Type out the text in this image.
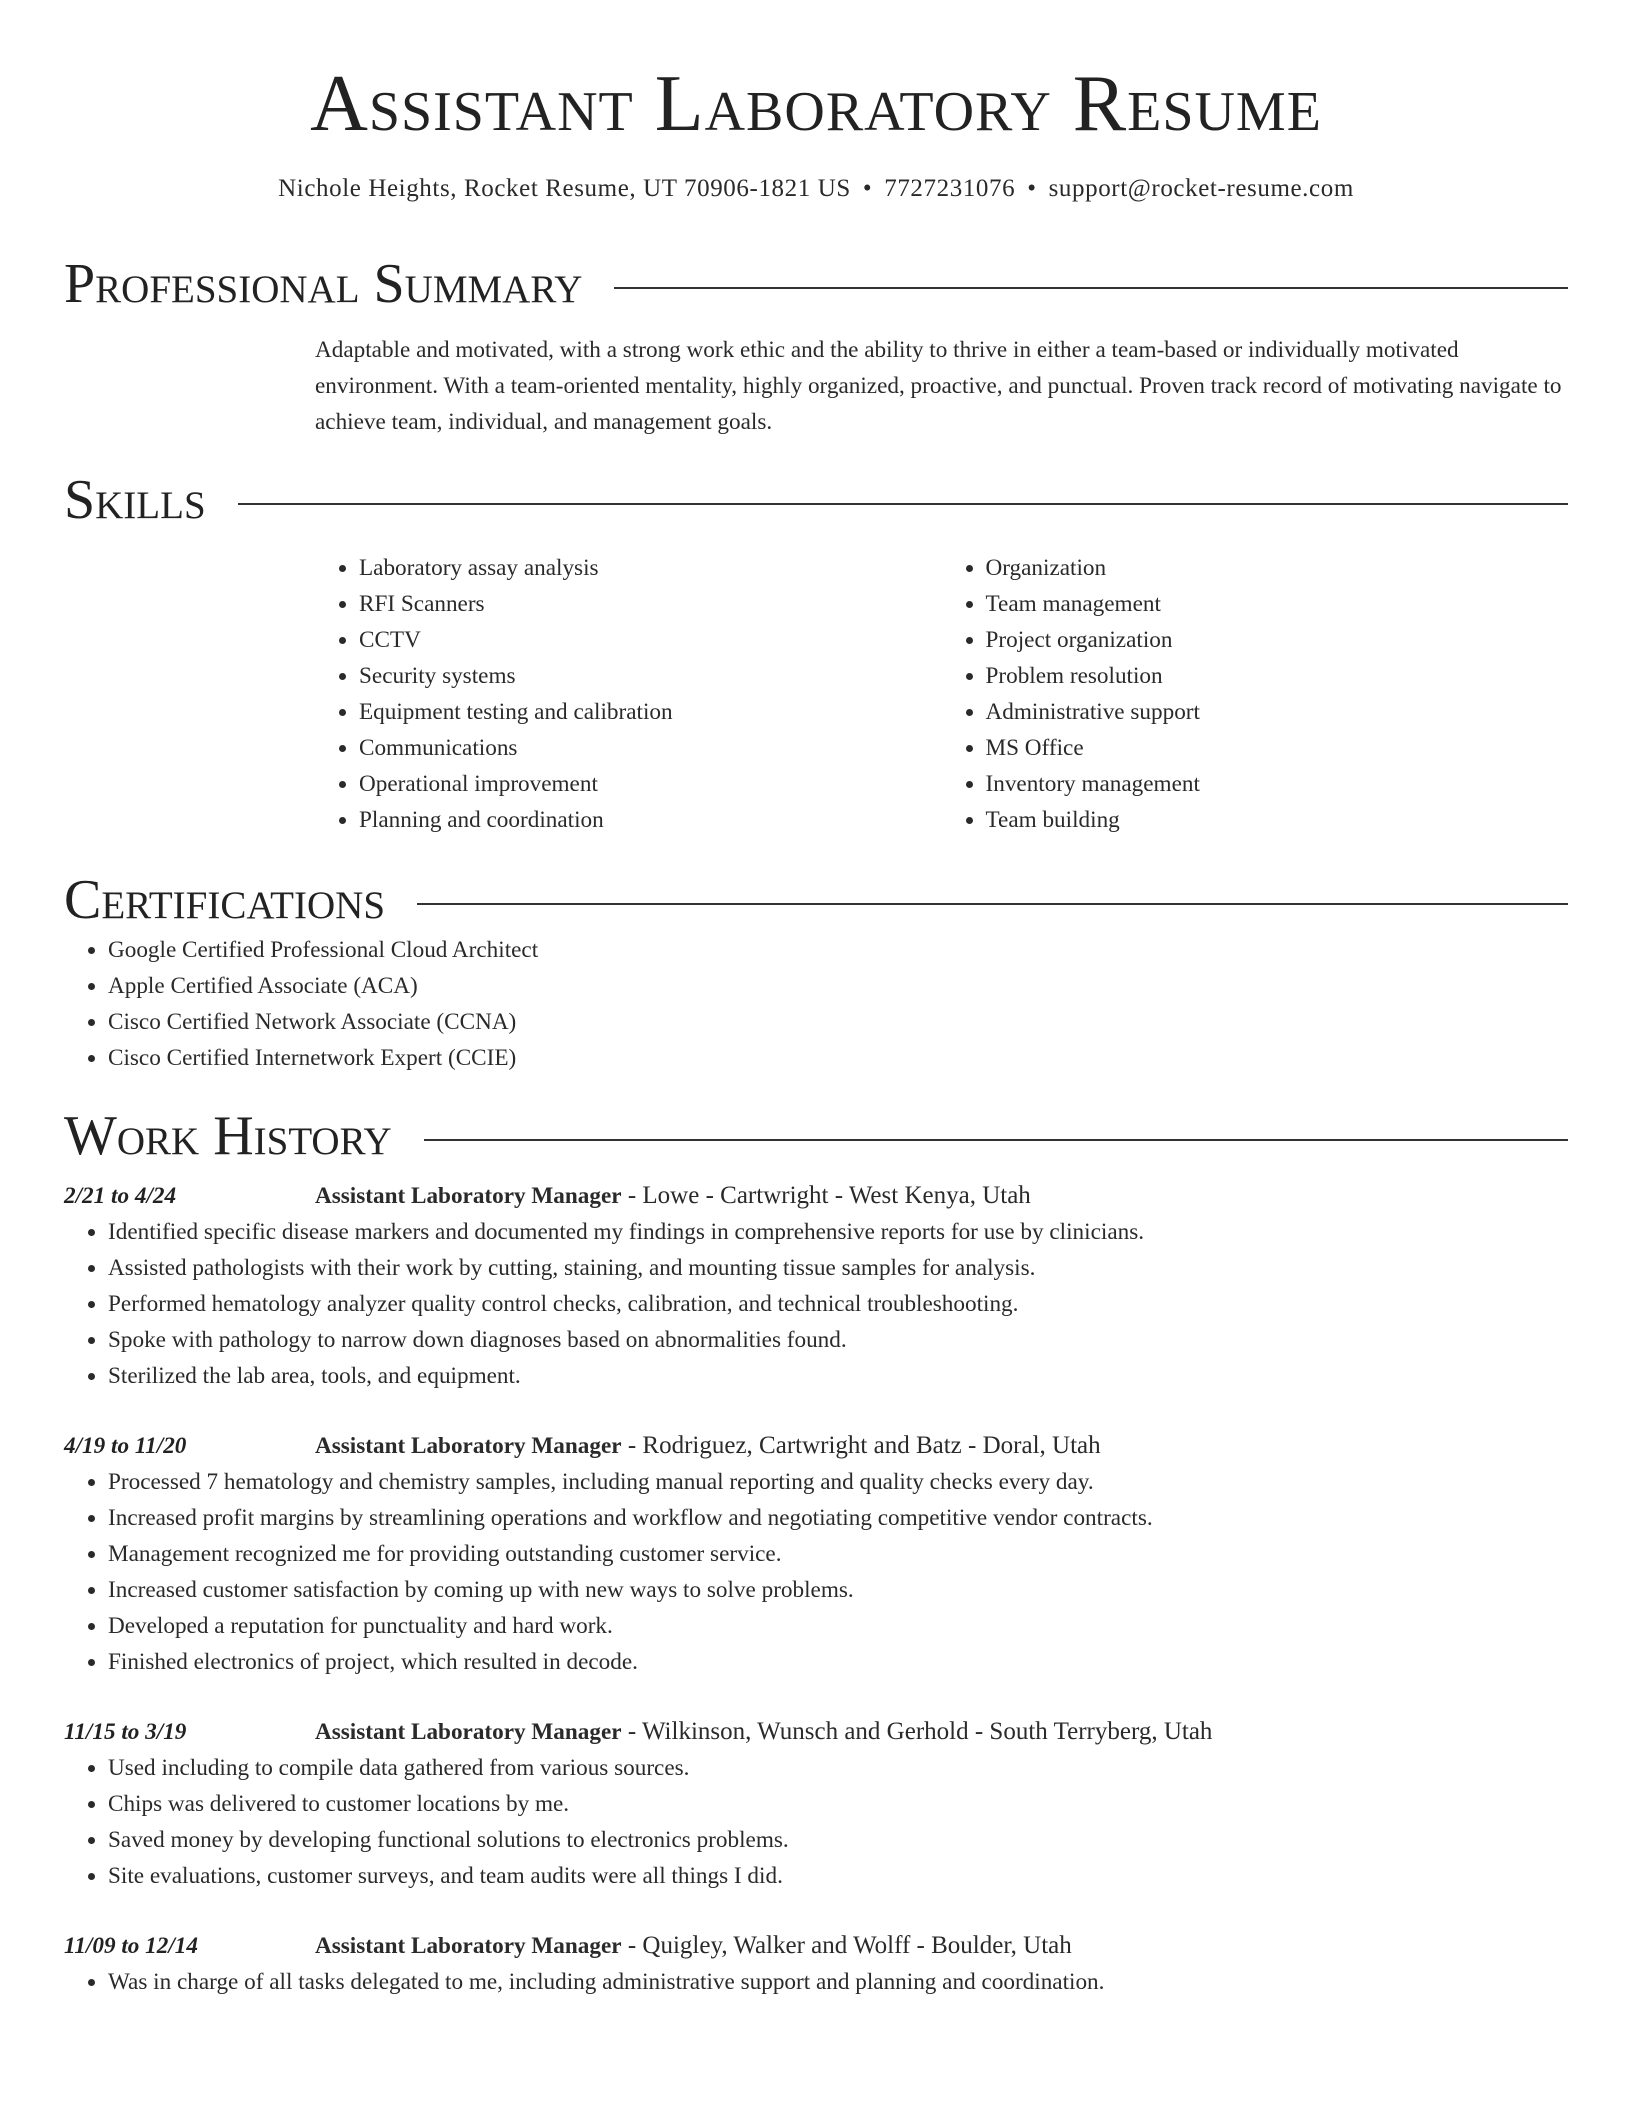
Assistant Laboratory Resume
Nichole Heights, Rocket Resume, UT 70906-1821 US • 7727231076 • support@rocket-resume.com
Professional Summary

Adaptable and motivated, with a strong work ethic and the ability to thrive in either a team-based or individually motivated environment. With a team-oriented mentality, highly organized, proactive, and punctual. Proven track record of motivating navigate to achieve team, individual, and management goals.

Skills
• Laboratory assay analysis
• RFI Scanners
• CCTV
• Security systems
• Equipment testing and calibration
• Communications
• Operational improvement
• Planning and coordination
• Organization
• Team management
• Project organization
• Problem resolution
• Administrative support
• MS Office
• Inventory management
• Team building
Certifications
• Google Certified Professional Cloud Architect
• Apple Certified Associate (ACA)
• Cisco Certified Network Associate (CCNA)
• Cisco Certified Internetwork Expert (CCIE)
Work History
2/21 to 4/24	Assistant Laboratory Manager - Lowe - Cartwright - West Kenya, Utah
• Identified specific disease markers and documented my findings in comprehensive reports for use by clinicians.
• Assisted pathologists with their work by cutting, staining, and mounting tissue samples for analysis.
• Performed hematology analyzer quality control checks, calibration, and technical troubleshooting.
• Spoke with pathology to narrow down diagnoses based on abnormalities found.
• Sterilized the lab area, tools, and equipment.
4/19 to 11/20	Assistant Laboratory Manager - Rodriguez, Cartwright and Batz - Doral, Utah
• Processed 7 hematology and chemistry samples, including manual reporting and quality checks every day.
• Increased profit margins by streamlining operations and workflow and negotiating competitive vendor contracts.
• Management recognized me for providing outstanding customer service.
• Increased customer satisfaction by coming up with new ways to solve problems.
• Developed a reputation for punctuality and hard work.
• Finished electronics of project, which resulted in decode.
11/15 to 3/19	Assistant Laboratory Manager - Wilkinson, Wunsch and Gerhold - South Terryberg, Utah
• Used including to compile data gathered from various sources.
• Chips was delivered to customer locations by me.
• Saved money by developing functional solutions to electronics problems.
• Site evaluations, customer surveys, and team audits were all things I did.
11/09 to 12/14	Assistant Laboratory Manager - Quigley, Walker and Wolff - Boulder, Utah
• Was in charge of all tasks delegated to me, including administrative support and planning and coordination.
